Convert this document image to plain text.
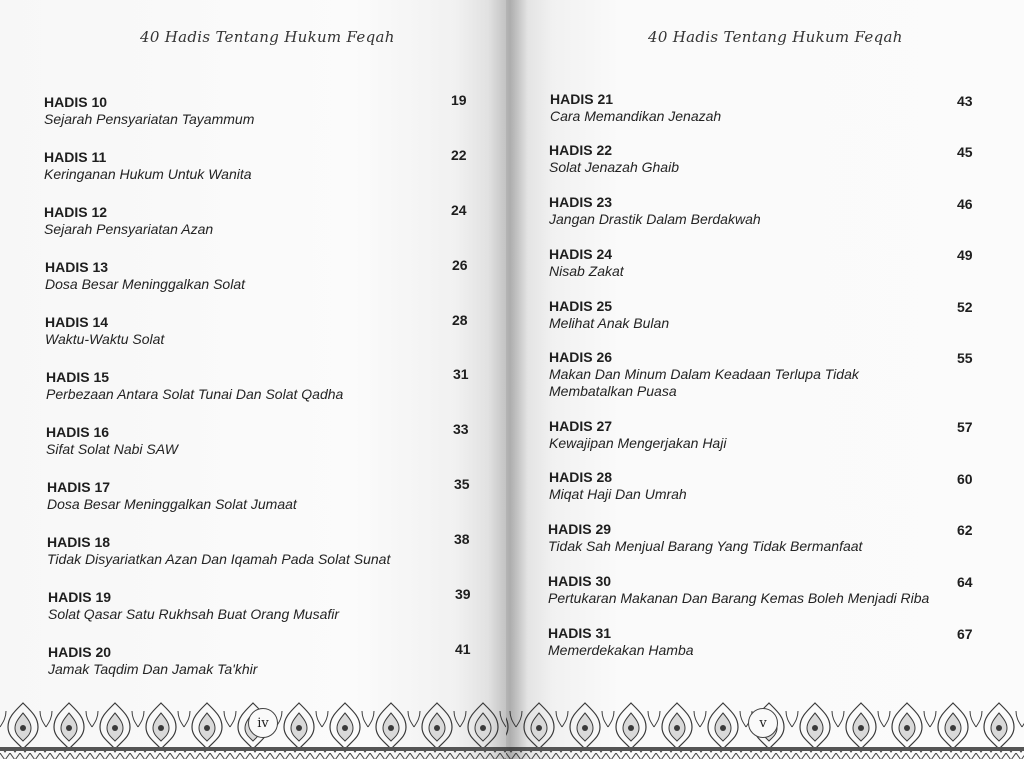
40 Hadis Tentang Hukum Feqah
HADIS 10
Sejarah Pensyariatan Tayammum
19
HADIS 11
Keringanan Hukum Untuk Wanita
22
HADIS 12
Sejarah Pensyariatan Azan
24
HADIS 13
Dosa Besar Meninggalkan Solat
26
HADIS 14
Waktu-Waktu Solat
28
HADIS 15
Perbezaan Antara Solat Tunai Dan Solat Qadha
31
HADIS 16
Sifat Solat Nabi SAW
33
HADIS 17
Dosa Besar Meninggalkan Solat Jumaat
35
HADIS 18
Tidak Disyariatkan Azan Dan Iqamah Pada Solat Sunat
38
HADIS 19
Solat Qasar Satu Rukhsah Buat Orang Musafir
39
HADIS 20
Jamak Taqdim Dan Jamak Ta'khir
41
iv
40 Hadis Tentang Hukum Feqah
HADIS 21
Cara Memandikan Jenazah
43
HADIS 22
Solat Jenazah Ghaib
45
HADIS 23
Jangan Drastik Dalam Berdakwah
46
HADIS 24
Nisab Zakat
49
HADIS 25
Melihat Anak Bulan
52
HADIS 26
Makan Dan Minum Dalam Keadaan Terlupa Tidak
Membatalkan Puasa
55
HADIS 27
Kewajipan Mengerjakan Haji
57
HADIS 28
Miqat Haji Dan Umrah
60
HADIS 29
Tidak Sah Menjual Barang Yang Tidak Bermanfaat
62
HADIS 30
Pertukaran Makanan Dan Barang Kemas Boleh Menjadi Riba
64
HADIS 31
Memerdekakan Hamba
67
v
